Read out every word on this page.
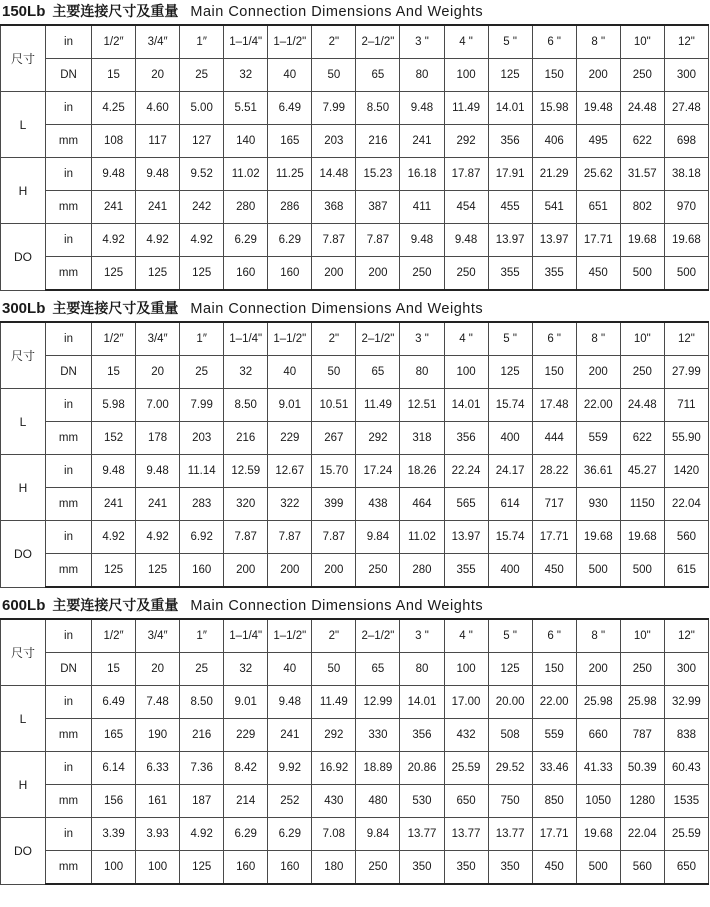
150Lb 主要连接尺寸及重量 Main Connection Dimensions And Weights
尺寸	in	1/2″	3/4″	1″	1–1/4"	1–1/2"	2"	2–1/2"	3 "	4 "	5 "	6 "	8 "	10"	12"
	DN	15	20	25	32	40	50	65	80	100	125	150	200	250	300
L	in	4.25	4.60	5.00	5.51	6.49	7.99	8.50	9.48	11.49	14.01	15.98	19.48	24.48	27.48
	mm	108	117	127	140	165	203	216	241	292	356	406	495	622	698
H	in	9.48	9.48	9.52	11.02	11.25	14.48	15.23	16.18	17.87	17.91	21.29	25.62	31.57	38.18
	mm	241	241	242	280	286	368	387	411	454	455	541	651	802	970
DO	in	4.92	4.92	4.92	6.29	6.29	7.87	7.87	9.48	9.48	13.97	13.97	17.71	19.68	19.68
	mm	125	125	125	160	160	200	200	250	250	355	355	450	500	500
300Lb 主要连接尺寸及重量 Main Connection Dimensions And Weights
尺寸	in	1/2″	3/4″	1″	1–1/4"	1–1/2"	2"	2–1/2"	3 "	4 "	5 "	6 "	8 "	10"	12"
	DN	15	20	25	32	40	50	65	80	100	125	150	200	250	27.99
L	in	5.98	7.00	7.99	8.50	9.01	10.51	11.49	12.51	14.01	15.74	17.48	22.00	24.48	711
	mm	152	178	203	216	229	267	292	318	356	400	444	559	622	55.90
H	in	9.48	9.48	11.14	12.59	12.67	15.70	17.24	18.26	22.24	24.17	28.22	36.61	45.27	1420
	mm	241	241	283	320	322	399	438	464	565	614	717	930	1150	22.04
DO	in	4.92	4.92	6.92	7.87	7.87	7.87	9.84	11.02	13.97	15.74	17.71	19.68	19.68	560
	mm	125	125	160	200	200	200	250	280	355	400	450	500	500	615
600Lb 主要连接尺寸及重量 Main Connection Dimensions And Weights
尺寸	in	1/2″	3/4″	1″	1–1/4"	1–1/2"	2"	2–1/2"	3 "	4 "	5 "	6 "	8 "	10"	12"
	DN	15	20	25	32	40	50	65	80	100	125	150	200	250	300
L	in	6.49	7.48	8.50	9.01	9.48	11.49	12.99	14.01	17.00	20.00	22.00	25.98	25.98	32.99
	mm	165	190	216	229	241	292	330	356	432	508	559	660	787	838
H	in	6.14	6.33	7.36	8.42	9.92	16.92	18.89	20.86	25.59	29.52	33.46	41.33	50.39	60.43
	mm	156	161	187	214	252	430	480	530	650	750	850	1050	1280	1535
DO	in	3.39	3.93	4.92	6.29	6.29	7.08	9.84	13.77	13.77	13.77	17.71	19.68	22.04	25.59
	mm	100	100	125	160	160	180	250	350	350	350	450	500	560	650
